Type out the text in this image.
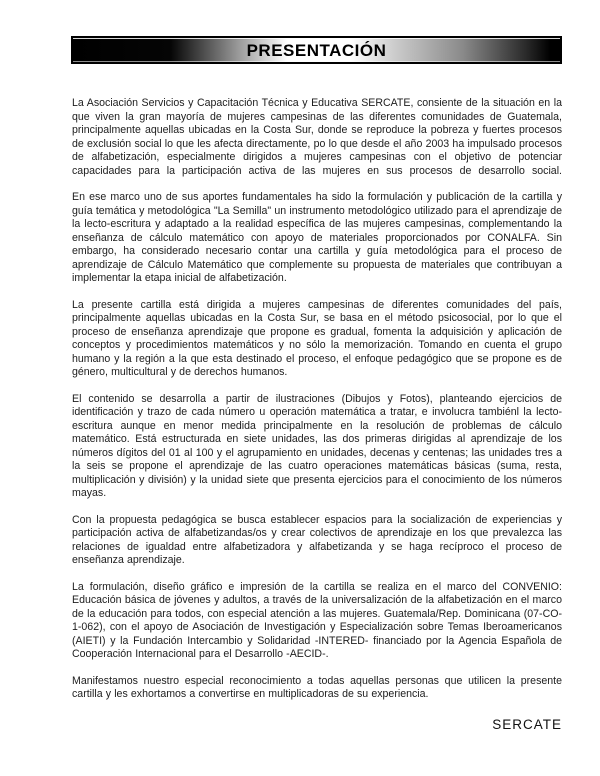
PRESENTACIÓN

La Asociación Servicios y Capacitación Técnica y Educativa SERCATE, consiente de la situación en la que viven la gran mayoría de mujeres campesinas de las diferentes comunidades de Guatemala, principalmente aquellas ubicadas en la Costa Sur, donde se reproduce la pobreza y fuertes procesos de exclusión social lo que les afecta directamente, po lo que desde el año 2003 ha impulsado procesos de alfabetización, especialmente dirigidos a mujeres campesinas con el objetivo de potenciar capacidades para la participación activa de las mujeres en sus procesos de desarrollo social.

En ese marco uno de sus aportes fundamentales ha sido la formulación y publicación de la cartilla y guía temática y metodológica "La Semilla" un instrumento metodológico utilizado para el aprendizaje de la lecto-escritura y adaptado a la realidad específica de las mujeres campesinas, complementando la enseñanza de cálculo matemático con apoyo de materiales proporcionados por CONALFA. Sin embargo, ha considerado necesario contar una cartilla y guía metodológica para el proceso de aprendizaje de Cálculo Matemático que complemente su propuesta de materiales que contribuyan a implementar la etapa inicial de alfabetización.

La presente cartilla está dirigida a mujeres campesinas de diferentes comunidades del país, principalmente aquellas ubicadas en la Costa Sur, se basa en el método psicosocial, por lo que el proceso de enseñanza aprendizaje que propone es gradual, fomenta la adquisición y aplicación de conceptos y procedimientos matemáticos y no sólo la memorización. Tomando en cuenta el grupo humano y la región a la que esta destinado el proceso, el enfoque pedagógico que se propone es de género, multicultural y de derechos humanos.

El contenido se desarrolla a partir de ilustraciones (Dibujos y Fotos), planteando ejercicios de identificación y trazo de cada número u operación matemática a tratar, e involucra tambiénl la lecto-escritura aunque en menor medida principalmente en la resolución de problemas de cálculo matemático. Está estructurada en siete unidades, las dos primeras dirigidas al aprendizaje de los números dígitos del 01 al 100 y el agrupamiento en unidades, decenas y centenas; las unidades tres a la seis se propone el aprendizaje de las cuatro operaciones matemáticas básicas (suma, resta, multiplicación y división) y la unidad siete que presenta ejercicios para el conocimiento de los números mayas.

Con la propuesta pedagógica se busca establecer espacios para la socialización de experiencias y participación activa de alfabetizandas/os y crear colectivos de aprendizaje en los que prevalezca las relaciones de igualdad entre alfabetizadora y alfabetizanda y se haga recíproco el proceso de enseñanza aprendizaje.

La formulación, diseño gráfico e impresión de la cartilla se realiza en el marco del CONVENIO: Educación básica de jóvenes y adultos, a través de la universalización de la alfabetización en el marco de la educación para todos, con especial atención a las mujeres. Guatemala/Rep. Dominicana (07-CO-1-062), con el apoyo de Asociación de Investigación y Especialización sobre Temas Iberoamericanos (AIETI) y la Fundación Intercambio y Solidaridad -INTERED- financiado por la Agencia Española de Cooperación Internacional para el Desarrollo -AECID-.

Manifestamos nuestro especial reconocimiento a todas aquellas personas que utilicen la presente cartilla y les exhortamos a convertirse en multiplicadoras de su experiencia.

SERCATE
